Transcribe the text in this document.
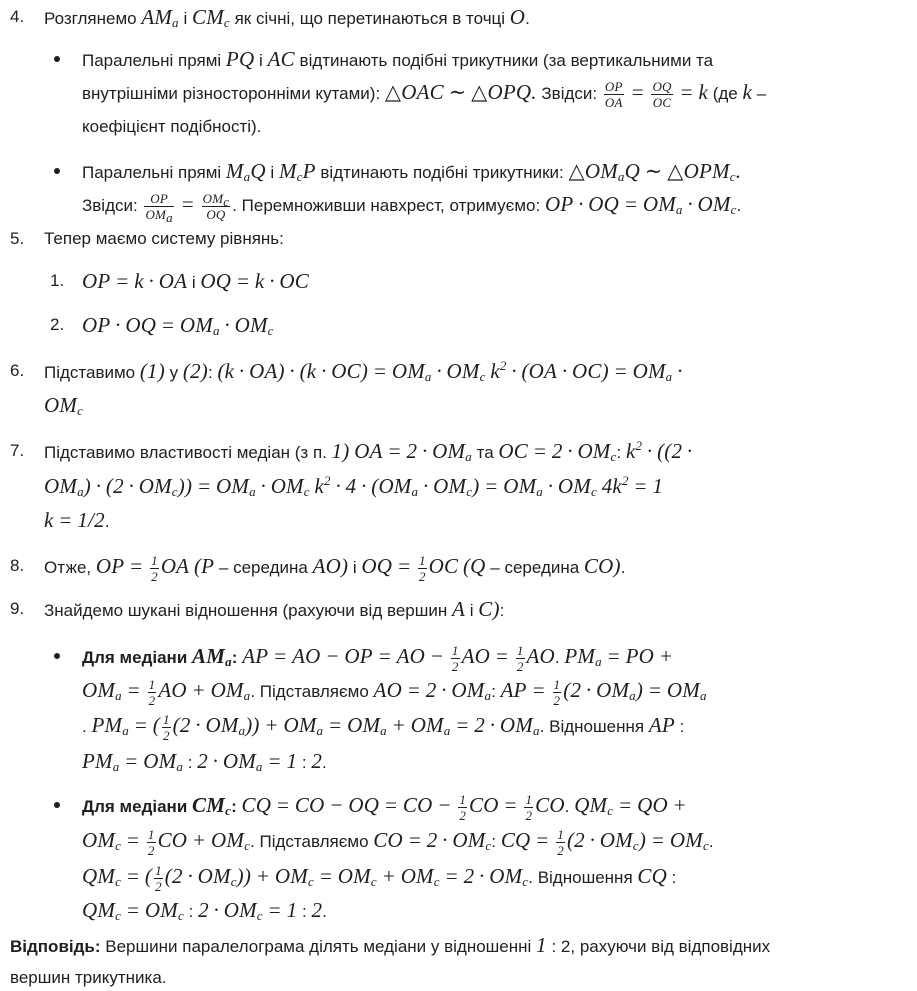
4. Розглянемо $AM_a$ і $CM_c$ як січні, що перетинаються в точці O.
Паралельні прямі PQ і AC відтинають подібні трикутники (за вертикальними та
внутрішніми різносторонніми кутами): △OAC ∼ △OPQ. Звідси: $\frac{OP}{OA} = \frac{OQ}{OC} = k$ (де k –
коефіцієнт подібності).
Паралельні прямі $M_aQ$ і $M_cP$ відтинають подібні трикутники: $\triangle OM_aQ$ ∼ $\triangle OPM_c$.
Звідси: $\frac{OP}{OM_a} = \frac{OM_c}{OQ}$ . Перемноживши навхрест, отримуємо: OP · OQ = $OM_a \cdot OM_c$.
5. Тепер маємо систему рівнянь:
1. OP = k · OA і OQ = k · OC
2. OP · OQ = $OM_a \cdot OM_c$
6. Підставимо (1) у (2): $(k \cdot OA) \cdot (k \cdot OC) = OM_a \cdot OM_c$ $k^2 \cdot (OA \cdot OC) = OM_a$ ·
$OM_c$
7. Підставимо властивості медіан (з п. 1) OA = $2 \cdot OM_a$ та OC = $2 \cdot OM_c$: $k^2 \cdot ((2$ ·
$OM_a) \cdot (2 \cdot OM_c)) = OM_a \cdot OM_c$ $k^2 \cdot 4 \cdot (OM_a \cdot OM_c) = OM_a \cdot OM_c$ $4k^2 = 1$
k = 1/2.
8. Отже, OP = $\frac{1}{2}$ OA (P – середина AO) і OQ = $\frac{1}{2}$ OC (Q – середина CO).
9. Знайдемо шукані відношення (рахуючи від вершин A і C):
Для медіани $AM_a$: AP = AO − OP = AO − $\frac{1}{2}$ AO = $\frac{1}{2}$ AO. $PM_a$ = PO +
$OM_a = \frac{1}{2}$ AO + $OM_a$. Підставляємо AO = $2 \cdot OM_a$: AP = $\frac{1}{2} (2 \cdot OM_a) = OM_a$
. $PM_a$ = ( $\frac{1}{2} (2 \cdot OM_a)) + OM_a = OM_a + OM_a = 2 \cdot OM_a$. Відношення AP :
$PM_a = OM_a$ : $2 \cdot OM_a = 1$ : 2.
Для медіани $CM_c$: CQ = CO − OQ = CO − $\frac{1}{2}$ CO = $\frac{1}{2}$ CO. $QM_c$ = QO +
$OM_c = \frac{1}{2}$ CO + $OM_c$. Підставляємо CO = $2 \cdot OM_c$: CQ = $\frac{1}{2} (2 \cdot OM_c) = OM_c$.
$QM_c$ = ( $\frac{1}{2} (2 \cdot OM_c)) + OM_c = OM_c + OM_c = 2 \cdot OM_c$. Відношення CQ :
$QM_c = OM_c$ : $2 \cdot OM_c = 1$ : 2.
Відповідь: Вершини паралелограма ділять медіани у відношенні 1 : 2, рахуючи від відповідних
вершин трикутника.
